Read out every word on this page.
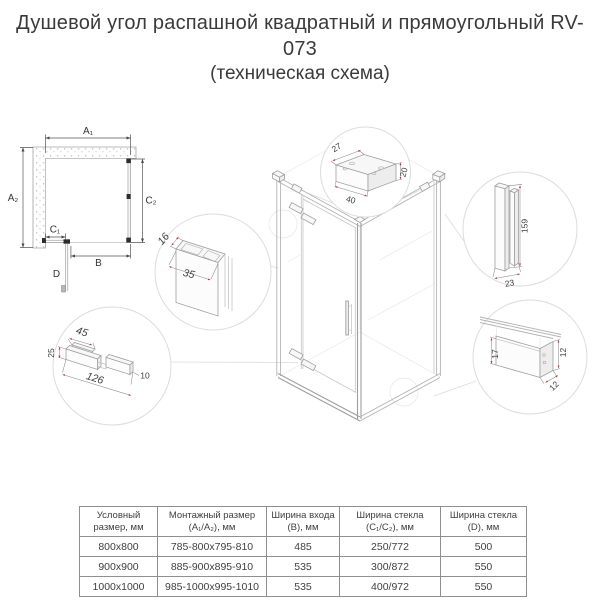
Душевой угол распашной квадратный и прямоугольный RV-073
(техническая схема)
A₁
A₂	C₂
C₁
B
D
27
20
40
16
35
159
23
45
25
126	10
17	12
12
Условный размер, мм	Монтажный размер (A₁/A₂), мм	Ширина входа (B), мм	Ширина стекла (C₁/C₂), мм	Ширина стекла (D), мм
800x800	785-800x795-810	485	250/772	500
900x900	885-900x895-910	535	300/872	550
1000x1000	985-1000x995-1010	535	400/972	550
